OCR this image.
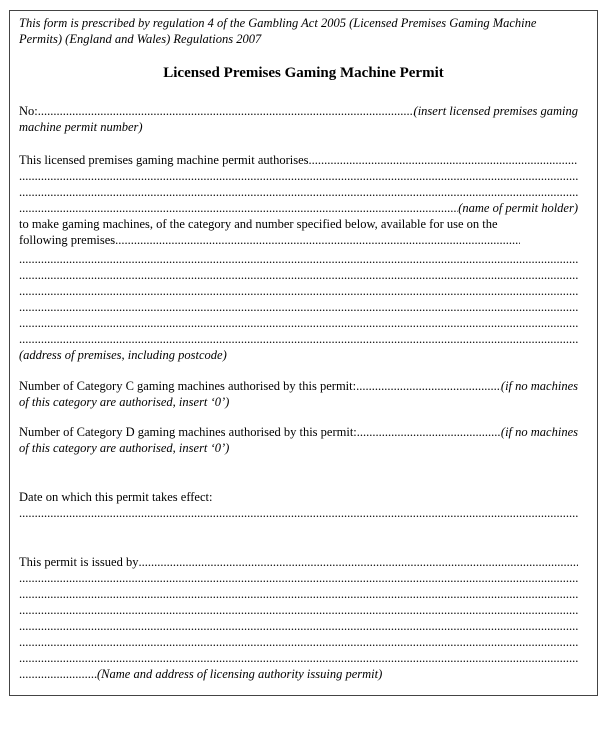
This form is prescribed by regulation 4 of the Gambling Act 2005 (Licensed Premises Gaming Machine Permits) (England and Wales) Regulations 2007
Licensed Premises Gaming Machine Permit
No: .....	(insert licensed premises gaming
machine permit number)
This licensed premises gaming machine permit authorises
.....
.....
.....
.....
(name of permit holder)
to make gaming machines, of the category and number specified below, available for use on the
following premises
.....
.....
.....
.....
.....
.....
.....
(address of premises, including postcode)
Number of Category C gaming machines authorised by this permit: .....	(if no machines
of this category are authorised, insert ‘0’)
Number of Category D gaming machines authorised by this permit: .....	(if no machines
of this category are authorised, insert ‘0’)
Date on which this permit takes effect:
.....
This permit is issued by
.....
.....
.....
.....
.....
.....
.....
.....
(Name and address of licensing authority issuing permit)
